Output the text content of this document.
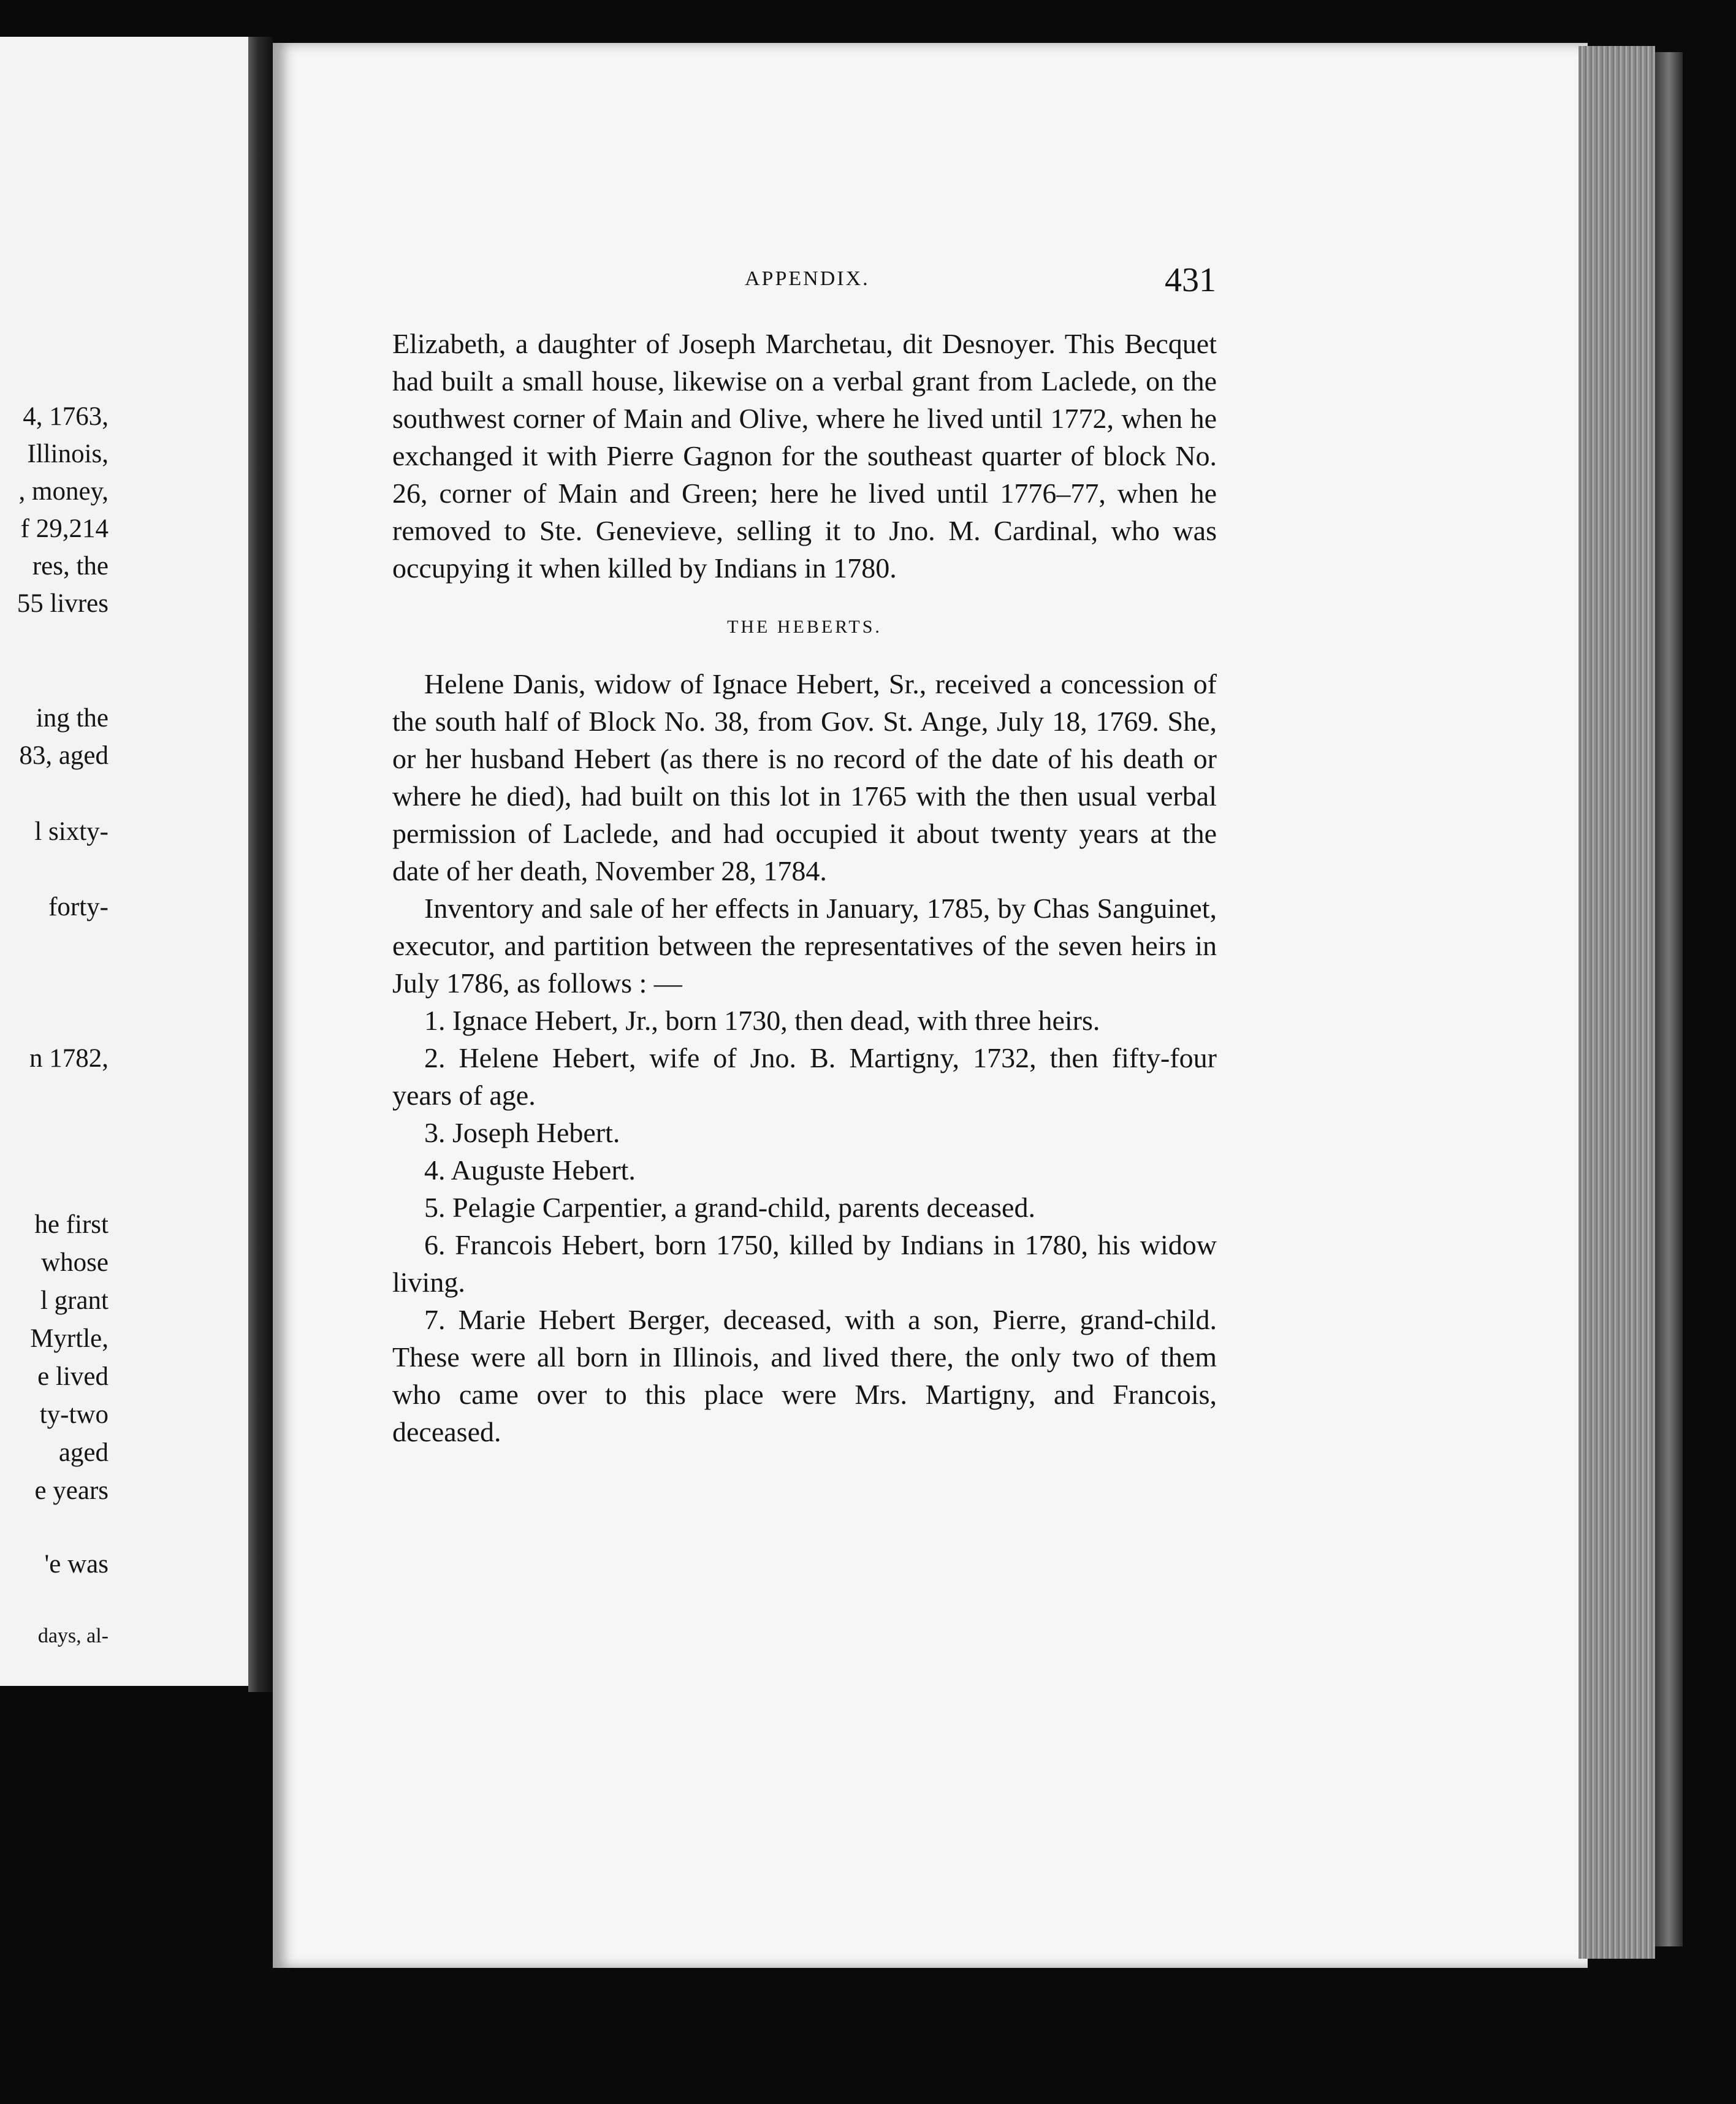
4, 1763,
Illinois,
, money,
f 29,214
res, the
55 livres
ing the
83, aged
l sixty-
forty-
n 1782,
he first
whose
l grant
Myrtle,
e lived
ty-two
aged
e years
'e was
days, al-
APPENDIX.	431

Elizabeth, a daughter of Joseph Marchetau, dit Desnoyer. This Becquet had built a small house, likewise on a verbal grant from Laclede, on the southwest corner of Main and Olive, where he lived until 1772, when he exchanged it with Pierre Gagnon for the southeast quarter of block No. 26, corner of Main and Green; here he lived until 1776–77, when he removed to Ste. Genevieve, selling it to Jno. M. Cardinal, who was occupying it when killed by Indians in 1780.

THE HEBERTS.

Helene Danis, widow of Ignace Hebert, Sr., received a concession of the south half of Block No. 38, from Gov. St. Ange, July 18, 1769. She, or her husband Hebert (as there is no record of the date of his death or where he died), had built on this lot in 1765 with the then usual verbal permission of Laclede, and had occupied it about twenty years at the date of her death, November 28, 1784.

Inventory and sale of her effects in January, 1785, by Chas Sanguinet, executor, and partition between the representatives of the seven heirs in July 1786, as follows : —

1. Ignace Hebert, Jr., born 1730, then dead, with three heirs.

2. Helene Hebert, wife of Jno. B. Martigny, 1732, then fifty-four years of age.

3. Joseph Hebert.

4. Auguste Hebert.

5. Pelagie Carpentier, a grand-child, parents deceased.

6. Francois Hebert, born 1750, killed by Indians in 1780, his widow living.

7. Marie Hebert Berger, deceased, with a son, Pierre, grand-child. These were all born in Illinois, and lived there, the only two of them who came over to this place were Mrs. Martigny, and Francois, deceased.
